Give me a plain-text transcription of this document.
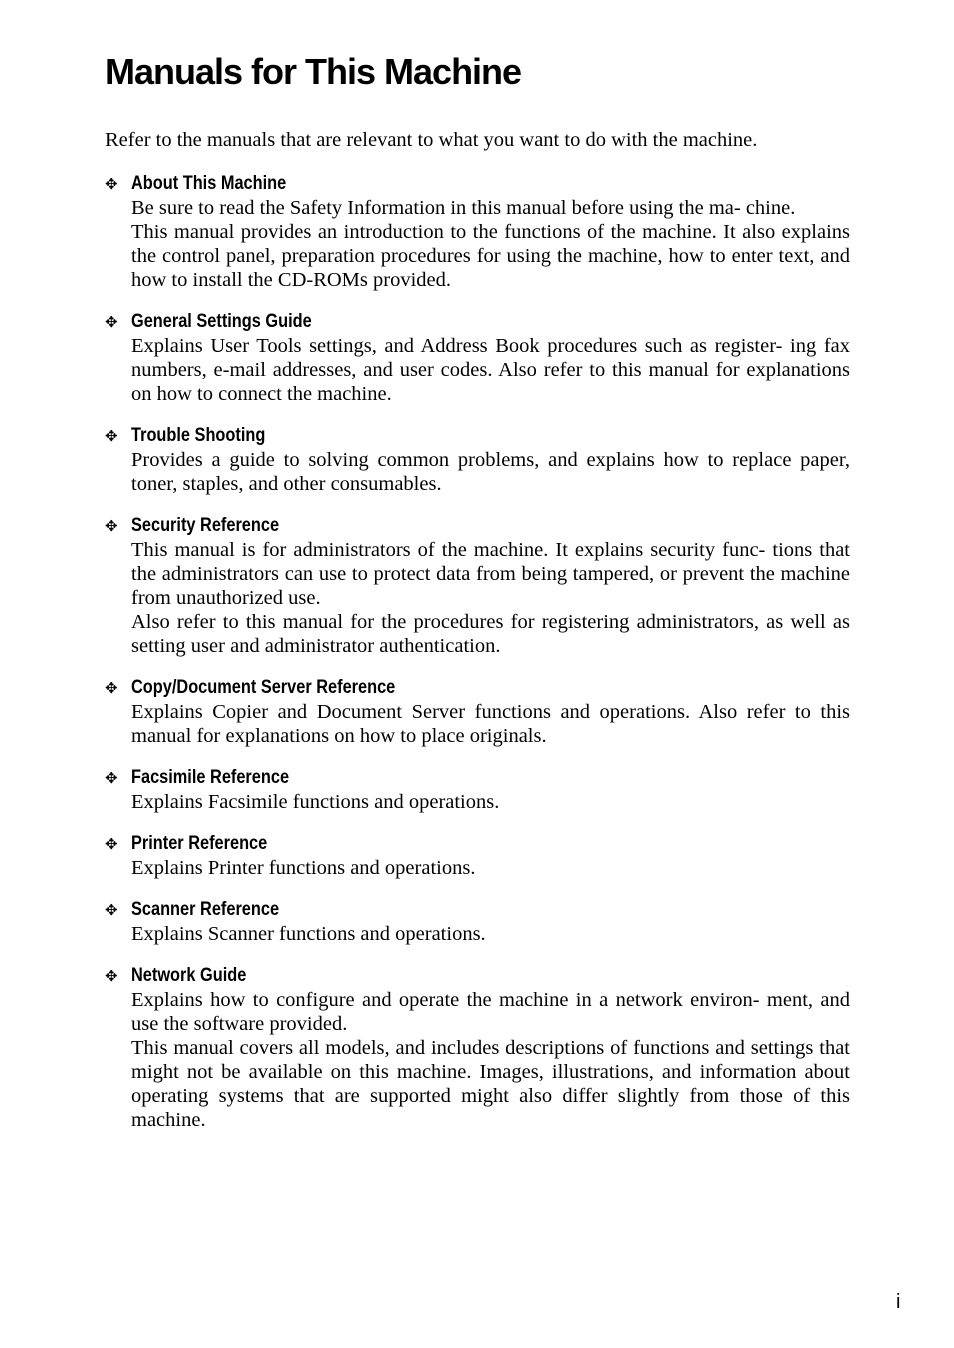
Manuals for This Machine

Refer to the manuals that are relevant to what you want to do with the machine.

✥ About This Machine

Be sure to read the Safety Information in this manual before using the ma- chine.

This manual provides an introduction to the functions of the machine. It also explains the control panel, preparation procedures for using the machine, how to enter text, and how to install the CD-ROMs provided.

✥ General Settings Guide

Explains User Tools settings, and Address Book procedures such as register- ing fax numbers, e-mail addresses, and user codes. Also refer to this manual for explanations on how to connect the machine.

✥ Trouble Shooting

Provides a guide to solving common problems, and explains how to replace paper, toner, staples, and other consumables.

✥ Security Reference

This manual is for administrators of the machine. It explains security func- tions that the administrators can use to protect data from being tampered, or prevent the machine from unauthorized use.

Also refer to this manual for the procedures for registering administrators, as well as setting user and administrator authentication.

✥ Copy/Document Server Reference

Explains Copier and Document Server functions and operations. Also refer to this manual for explanations on how to place originals.

✥ Facsimile Reference

Explains Facsimile functions and operations.

✥ Printer Reference

Explains Printer functions and operations.

✥ Scanner Reference

Explains Scanner functions and operations.

✥ Network Guide

Explains how to configure and operate the machine in a network environ- ment, and use the software provided.

This manual covers all models, and includes descriptions of functions and settings that might not be available on this machine. Images, illustrations, and information about operating systems that are supported might also differ slightly from those of this machine.

i
